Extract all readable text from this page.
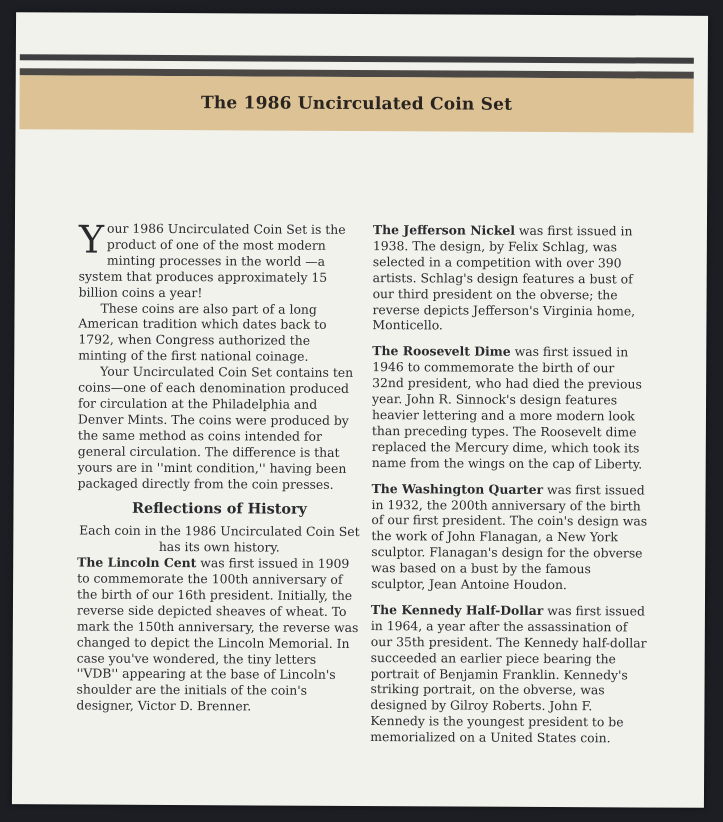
The 1986 Uncirculated Coin Set

Your 1986 Uncirculated Coin Set is the product of one of the most modern minting processes in the world —a system that produces approximately 15 billion coins a year!

These coins are also part of a long American tradition which dates back to 1792, when Congress authorized the minting of the first national coinage.

Your Uncirculated Coin Set contains ten coins—one of each denomination produced for circulation at the Philadelphia and Denver Mints. The coins were produced by the same method as coins intended for general circulation. The difference is that yours are in ''mint condition,'' having been packaged directly from the coin presses.

Reflections of History

Each coin in the 1986 Uncirculated Coin Set has its own history.

The Lincoln Cent was first issued in 1909 to commemorate the 100th anniversary of the birth of our 16th president. Initially, the reverse side depicted sheaves of wheat. To mark the 150th anniversary, the reverse was changed to depict the Lincoln Memorial. In case you've wondered, the tiny letters ''VDB'' appearing at the base of Lincoln's shoulder are the initials of the coin's designer, Victor D. Brenner.

The Jefferson Nickel was first issued in 1938. The design, by Felix Schlag, was selected in a competition with over 390 artists. Schlag's design features a bust of our third president on the obverse; the reverse depicts Jefferson's Virginia home, Monticello.

The Roosevelt Dime was first issued in 1946 to commemorate the birth of our 32nd president, who had died the previous year. John R. Sinnock's design features heavier lettering and a more modern look than preceding types. The Roosevelt dime replaced the Mercury dime, which took its name from the wings on the cap of Liberty.

The Washington Quarter was first issued in 1932, the 200th anniversary of the birth of our first president. The coin's design was the work of John Flanagan, a New York sculptor. Flanagan's design for the obverse was based on a bust by the famous sculptor, Jean Antoine Houdon.

The Kennedy Half-Dollar was first issued in 1964, a year after the assassination of our 35th president. The Kennedy half-dollar succeeded an earlier piece bearing the portrait of Benjamin Franklin. Kennedy's striking portrait, on the obverse, was designed by Gilroy Roberts. John F. Kennedy is the youngest president to be memorialized on a United States coin.
